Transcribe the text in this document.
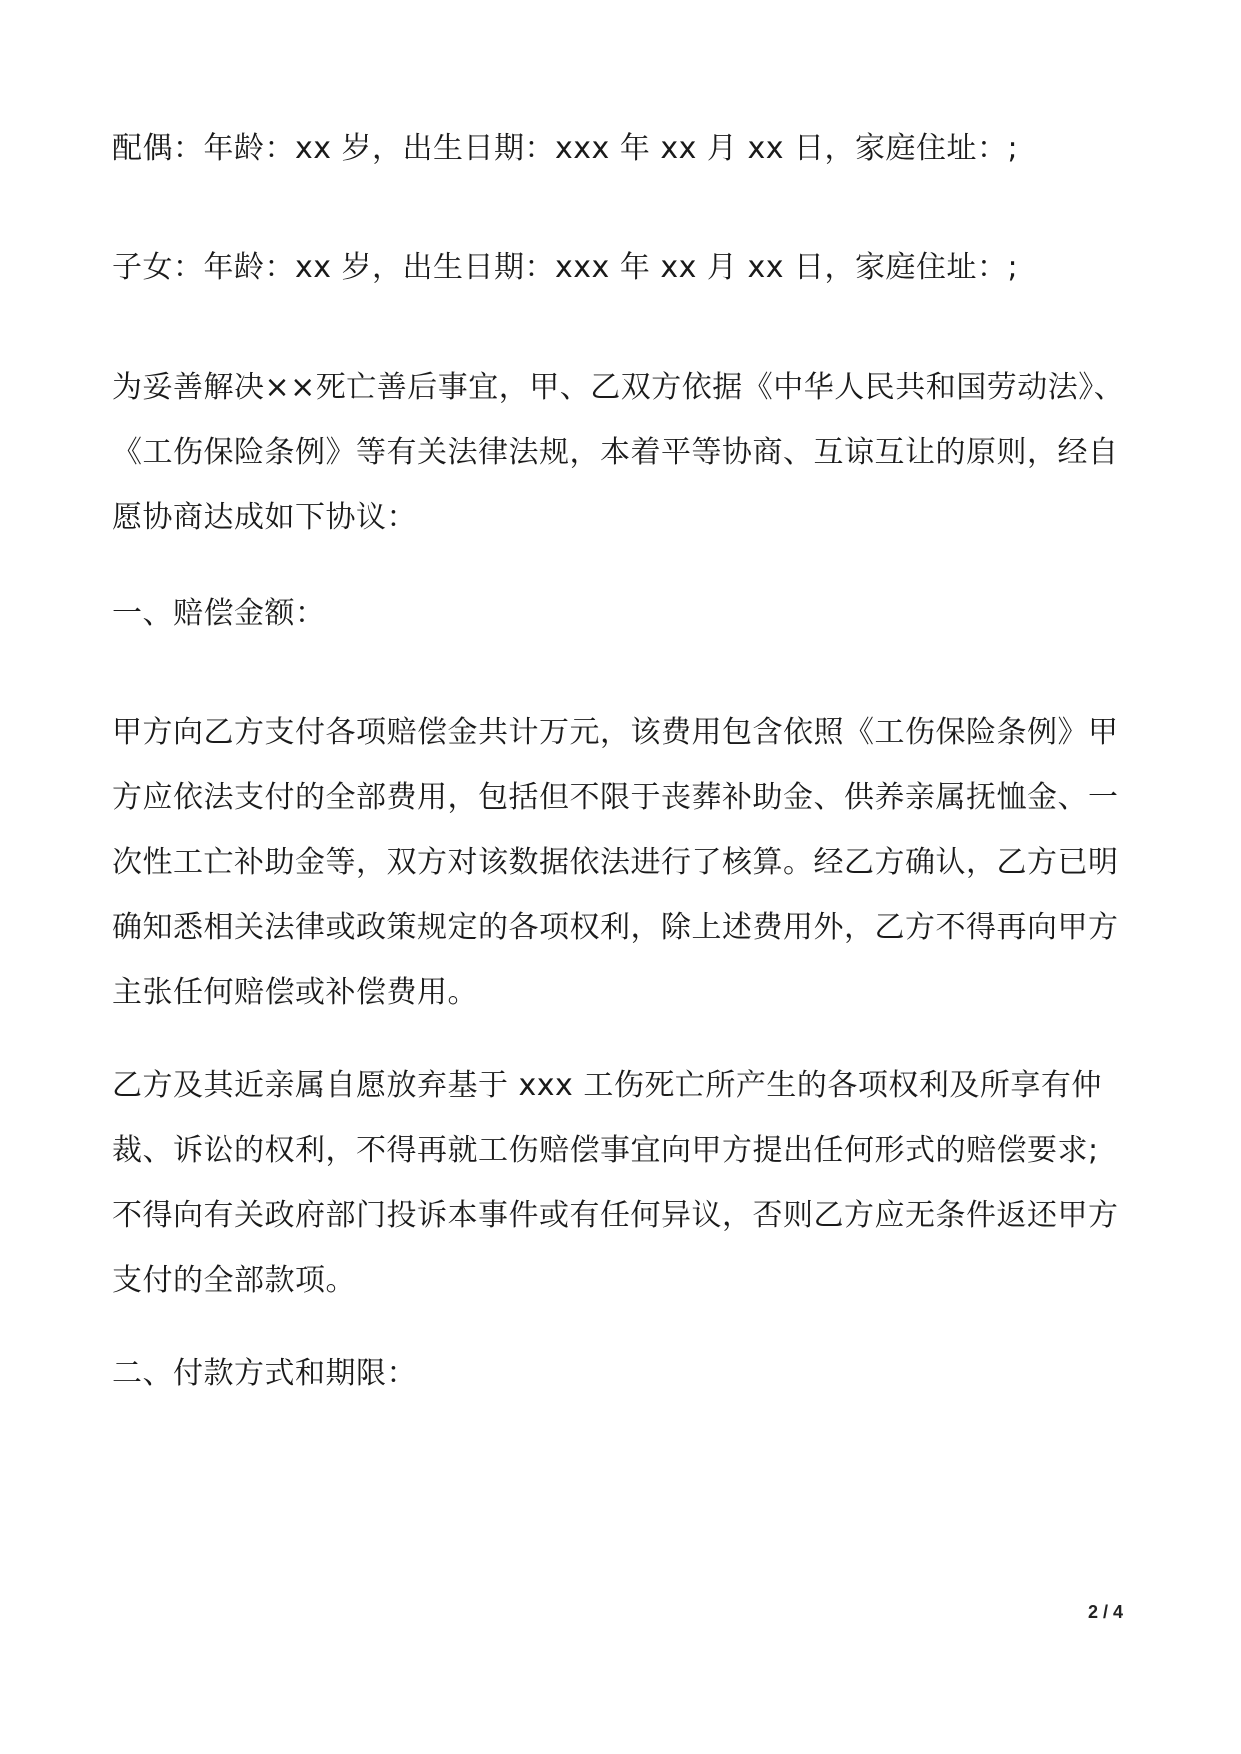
配偶：年龄：xx 岁，出生日期：xxx 年 xx 月 xx 日，家庭住址：;

子女：年龄：xx 岁，出生日期：xxx 年 xx 月 xx 日，家庭住址：;

为妥善解决××死亡善后事宜，甲、乙双方依据《中华人民共和国劳动法》、
《工伤保险条例》等有关法律法规，本着平等协商、互谅互让的原则，经自
愿协商达成如下协议：

一、赔偿金额：

甲方向乙方支付各项赔偿金共计万元，该费用包含依照《工伤保险条例》甲
方应依法支付的全部费用，包括但不限于丧葬补助金、供养亲属抚恤金、一
次性工亡补助金等，双方对该数据依法进行了核算。经乙方确认，乙方已明
确知悉相关法律或政策规定的各项权利，除上述费用外，乙方不得再向甲方
主张任何赔偿或补偿费用。

乙方及其近亲属自愿放弃基于 xxx 工伤死亡所产生的各项权利及所享有仲
裁、诉讼的权利，不得再就工伤赔偿事宜向甲方提出任何形式的赔偿要求;
不得向有关政府部门投诉本事件或有任何异议，否则乙方应无条件返还甲方
支付的全部款项。

二、付款方式和期限：

2 / 4
